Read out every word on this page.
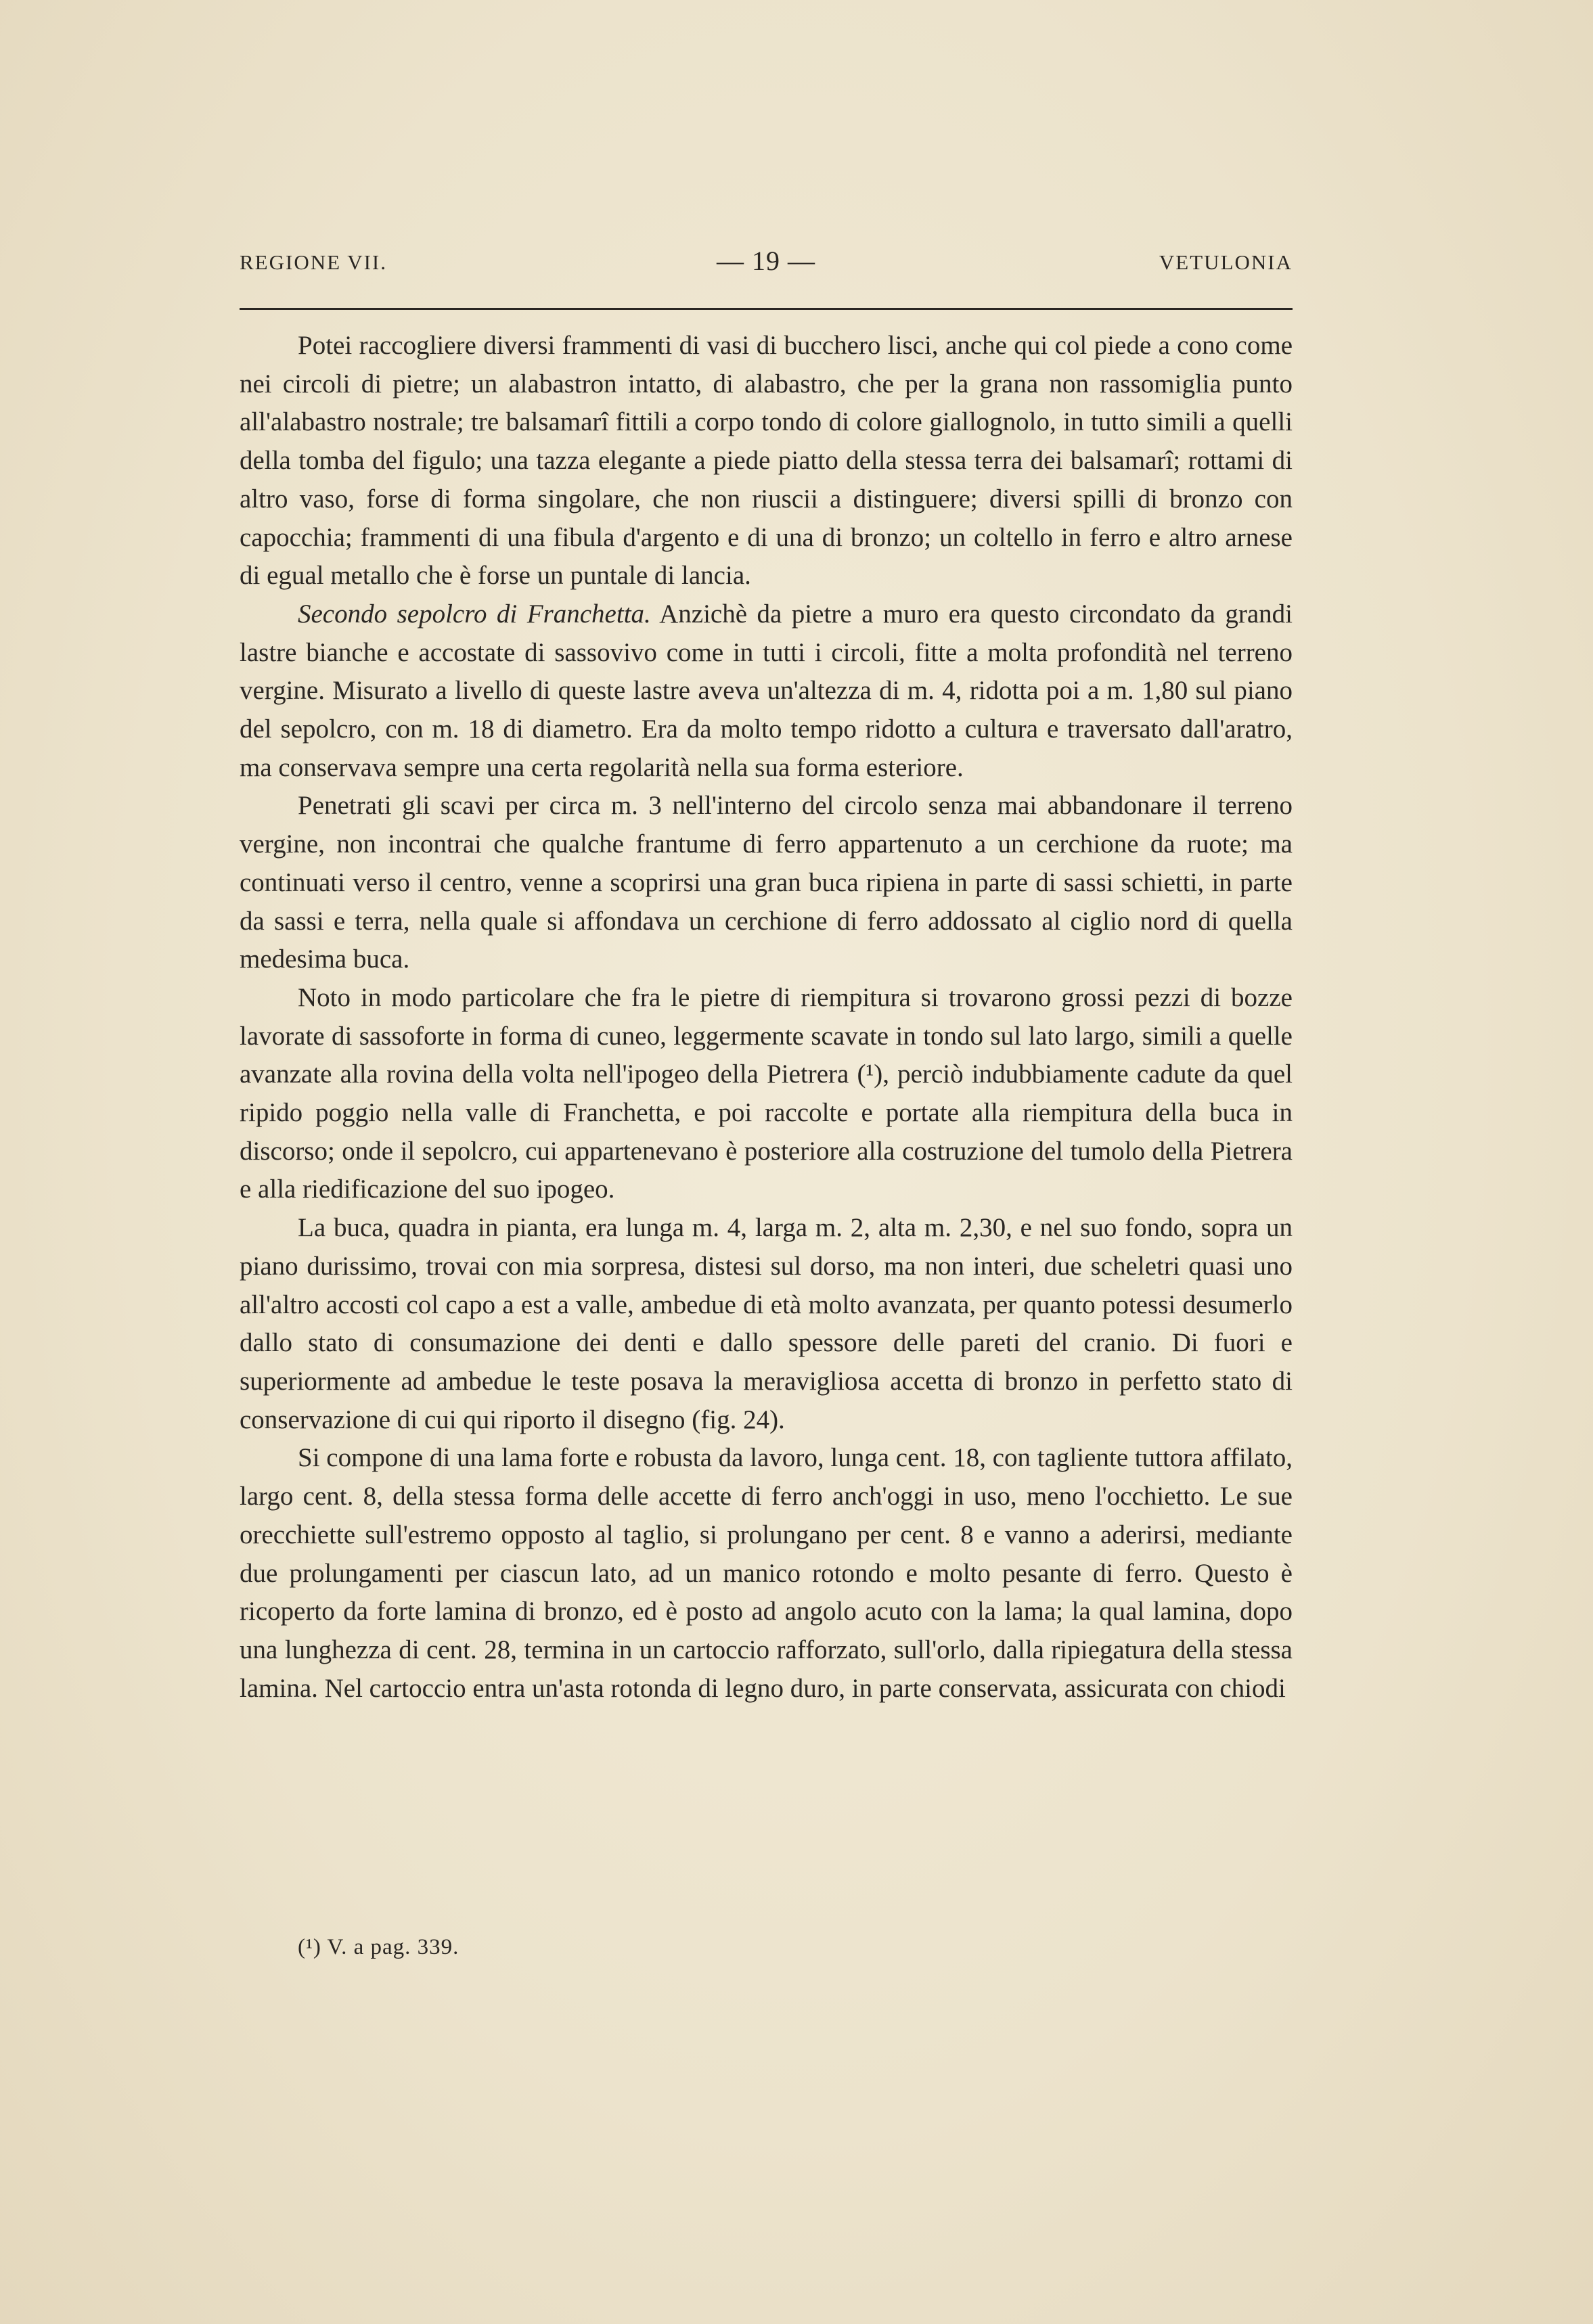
REGIONE VII.	— 19 —	VETULONIA

Potei raccogliere diversi frammenti di vasi di bucchero lisci, anche qui col piede a cono come nei circoli di pietre; un alabastron intatto, di alabastro, che per la grana non rassomiglia punto all'alabastro nostrale; tre balsamarî fittili a corpo tondo di colore giallognolo, in tutto simili a quelli della tomba del figulo; una tazza elegante a piede piatto della stessa terra dei balsamarî; rottami di altro vaso, forse di forma singolare, che non riuscii a distinguere; diversi spilli di bronzo con capocchia; frammenti di una fibula d'argento e di una di bronzo; un coltello in ferro e altro arnese di egual metallo che è forse un puntale di lancia.

Secondo sepolcro di Franchetta. Anzichè da pietre a muro era questo circondato da grandi lastre bianche e accostate di sassovivo come in tutti i circoli, fitte a molta profondità nel terreno vergine. Misurato a livello di queste lastre aveva un'altezza di m. 4, ridotta poi a m. 1,80 sul piano del sepolcro, con m. 18 di diametro. Era da molto tempo ridotto a cultura e traversato dall'aratro, ma conservava sempre una certa regolarità nella sua forma esteriore.

Penetrati gli scavi per circa m. 3 nell'interno del circolo senza mai abbandonare il terreno vergine, non incontrai che qualche frantume di ferro appartenuto a un cerchione da ruote; ma continuati verso il centro, venne a scoprirsi una gran buca ripiena in parte di sassi schietti, in parte da sassi e terra, nella quale si affondava un cerchione di ferro addossato al ciglio nord di quella medesima buca.

Noto in modo particolare che fra le pietre di riempitura si trovarono grossi pezzi di bozze lavorate di sassoforte in forma di cuneo, leggermente scavate in tondo sul lato largo, simili a quelle avanzate alla rovina della volta nell'ipogeo della Pietrera (¹), perciò indubbiamente cadute da quel ripido poggio nella valle di Franchetta, e poi raccolte e portate alla riempitura della buca in discorso; onde il sepolcro, cui appartenevano è posteriore alla costruzione del tumolo della Pietrera e alla riedificazione del suo ipogeo.

La buca, quadra in pianta, era lunga m. 4, larga m. 2, alta m. 2,30, e nel suo fondo, sopra un piano durissimo, trovai con mia sorpresa, distesi sul dorso, ma non interi, due scheletri quasi uno all'altro accosti col capo a est a valle, ambedue di età molto avanzata, per quanto potessi desumerlo dallo stato di consumazione dei denti e dallo spessore delle pareti del cranio. Di fuori e superiormente ad ambedue le teste posava la meravigliosa accetta di bronzo in perfetto stato di conservazione di cui qui riporto il disegno (fig. 24).

Si compone di una lama forte e robusta da lavoro, lunga cent. 18, con tagliente tuttora affilato, largo cent. 8, della stessa forma delle accette di ferro anch'oggi in uso, meno l'occhietto. Le sue orecchiette sull'estremo opposto al taglio, si prolungano per cent. 8 e vanno a aderirsi, mediante due prolungamenti per ciascun lato, ad un manico rotondo e molto pesante di ferro. Questo è ricoperto da forte lamina di bronzo, ed è posto ad angolo acuto con la lama; la qual lamina, dopo una lunghezza di cent. 28, termina in un cartoccio rafforzato, sull'orlo, dalla ripiegatura della stessa lamina. Nel cartoccio entra un'asta rotonda di legno duro, in parte conservata, assicurata con chiodi

(¹) V. a pag. 339.
